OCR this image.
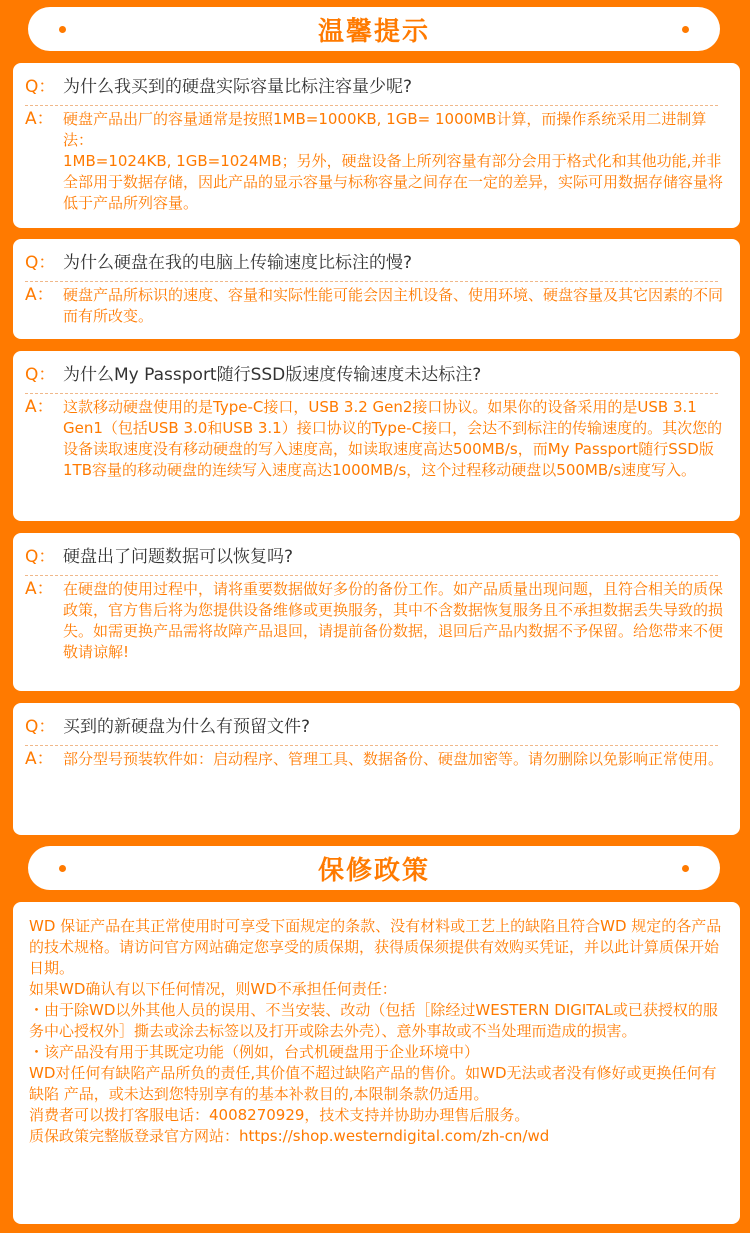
温馨提示
Q： 为什么我买到的硬盘实际容量比标注容量少呢?
A： 硬盘产品出厂的容量通常是按照1MB=1000KB, 1GB= 1000MB计算，而操作系统采用二进制算法：

1MB=1024KB, 1GB=1024MB；另外，硬盘设备上所列容量有部分会用于格式化和其他功能,并非全部用于数据存储，因此产品的显示容量与标称容量之间存在一定的差异，实际可用数据存储容量将低于产品所列容量。

Q： 为什么硬盘在我的电脑上传输速度比标注的慢?
A： 硬盘产品所标识的速度、容量和实际性能可能会因主机设备、使用环境、硬盘容量及其它因素的不同而有所改变。

Q： 为什么My Passport随行SSD版速度传输速度未达标注?
A： 这款移动硬盘使用的是Type-C接口，USB 3.2 Gen2接口协议。如果你的设备采用的是USB 3.1 Gen1（包括USB 3.0和USB 3.1）接口协议的Type-C接口，会达不到标注的传输速度的。其次您的设备读取速度没有移动硬盘的写入速度高，如读取速度高达500MB/s，而My Passport随行SSD版1TB容量的移动硬盘的连续写入速度高达1000MB/s，这个过程移动硬盘以500MB/s速度写入。

Q： 硬盘出了问题数据可以恢复吗?
A： 在硬盘的使用过程中，请将重要数据做好多份的备份工作。如产品质量出现问题，且符合相关的质保政策，官方售后将为您提供设备维修或更换服务，其中不含数据恢复服务且不承担数据丢失导致的损失。如需更换产品需将故障产品退回，请提前备份数据，退回后产品内数据不予保留。给您带来不便敬请谅解!

Q： 买到的新硬盘为什么有预留文件?
A： 部分型号预装软件如：启动程序、管理工具、数据备份、硬盘加密等。请勿删除以免影响正常使用。

保修政策

WD 保证产品在其正常使用时可享受下面规定的条款、没有材料或工艺上的缺陷且符合WD 规定的各产品的技术规格。请访问官方网站确定您享受的质保期，获得质保须提供有效购买凭证，并以此计算质保开始日期。

如果WD确认有以下任何情况，则WD不承担任何责任：

・由于除WD以外其他人员的误用、不当安装、改动（包括［除经过WESTERN DIGITAL或已获授权的服务中心授权外］撕去或涂去标签以及打开或除去外壳）、意外事故或不当处理而造成的损害。

・该产品没有用于其既定功能（例如，台式机硬盘用于企业环境中）

WD对任何有缺陷产品所负的责任,其价值不超过缺陷产品的售价。如WD无法或者没有修好或更换任何有缺陷 产品，或未达到您特别享有的基本补救目的,本限制条款仍适用。

消费者可以拨打客服电话：4008270929，技术支持并协助办理售后服务。

质保政策完整版登录官方网站：https://shop.westerndigital.com/zh-cn/wd
